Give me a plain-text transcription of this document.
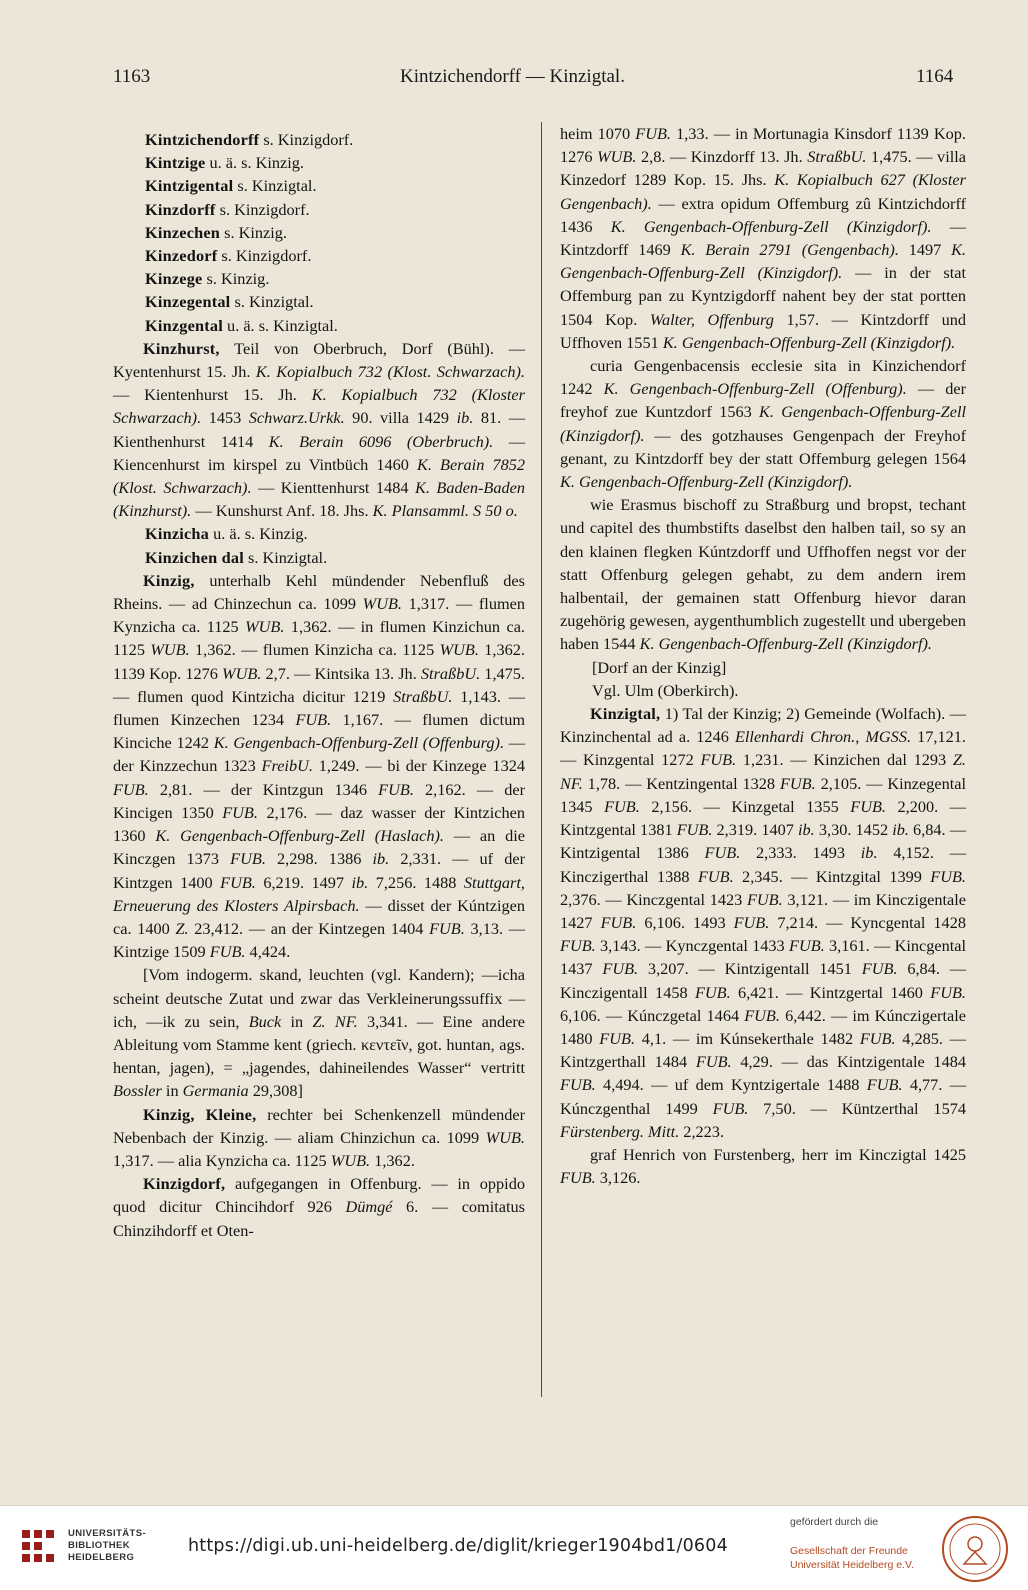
1163	Kintzichendorff — Kinzigtal.	1164

Kintzichendorff s. Kinzigdorf.

Kintzige u. ä. s. Kinzig.

Kintzigental s. Kinzigtal.

Kinzdorff s. Kinzigdorf.

Kinzechen s. Kinzig.

Kinzedorf s. Kinzigdorf.

Kinzege s. Kinzig.

Kinzegental s. Kinzigtal.

Kinzgental u. ä. s. Kinzigtal.

Kinzhurst, Teil von Oberbruch, Dorf (Bühl). — Kyentenhurst 15. Jh. K. Kopialbuch 732 (Klost. Schwarzach). — Kientenhurst 15. Jh. K. Kopialbuch 732 (Kloster Schwarzach). 1453 Schwarz.Urkk. 90. villa 1429 ib. 81. — Kienthenhurst 1414 K. Berain 6096 (Oberbruch). — Kiencenhurst im kirspel zu Vintbüch 1460 K. Berain 7852 (Klost. Schwarzach). — Kienttenhurst 1484 K. Baden-Baden (Kinzhurst). — Kunshurst Anf. 18. Jhs. K. Plansamml. S 50 o.

Kinzicha u. ä. s. Kinzig.

Kinzichen dal s. Kinzigtal.

Kinzig, unterhalb Kehl mündender Nebenfluß des Rheins. — ad Chinzechun ca. 1099 WUB. 1,317. — flumen Kynzicha ca. 1125 WUB. 1,362. — in flumen Kinzichun ca. 1125 WUB. 1,362. — flumen Kinzicha ca. 1125 WUB. 1,362. 1139 Kop. 1276 WUB. 2,7. — Kintsika 13. Jh. StraßbU. 1,475. — flumen quod Kintzicha dicitur 1219 StraßbU. 1,143. — flumen Kinzechen 1234 FUB. 1,167. — flumen dictum Kinciche 1242 K. Gengenbach-Offenburg-Zell (Offenburg). — der Kinzzechun 1323 FreibU. 1,249. — bi der Kinzege 1324 FUB. 2,81. — der Kintzgun 1346 FUB. 2,162. — der Kincigen 1350 FUB. 2,176. — daz wasser der Kintzichen 1360 K. Gengenbach-Offenburg-Zell (Haslach). — an die Kinczgen 1373 FUB. 2,298. 1386 ib. 2,331. — uf der Kintzgen 1400 FUB. 6,219. 1497 ib. 7,256. 1488 Stuttgart, Erneuerung des Klosters Alpirsbach. — disset der Kúntzigen ca. 1400 Z. 23,412. — an der Kintzegen 1404 FUB. 3,13. — Kintzige 1509 FUB. 4,424.

[Vom indogerm. skand, leuchten (vgl. Kandern); —icha scheint deutsche Zutat und zwar das Verkleinerungssuffix —ich, —ik zu sein, Buck in Z. NF. 3,341. — Eine andere Ableitung vom Stamme kent (griech. κεντεῖν, got. huntan, ags. hentan, jagen), = „jagendes, dahineilendes Wasser“ vertritt Bossler in Germania 29,308]

Kinzig, Kleine, rechter bei Schenkenzell mündender Nebenbach der Kinzig. — aliam Chinzichun ca. 1099 WUB. 1,317. — alia Kynzicha ca. 1125 WUB. 1,362.

Kinzigdorf, aufgegangen in Offenburg. — in oppido quod dicitur Chincihdorf 926 Dümgé 6. — comitatus Chinzihdorff et Oten-

heim 1070 FUB. 1,33. — in Mortunagia Kinsdorf 1139 Kop. 1276 WUB. 2,8. — Kinzdorff 13. Jh. StraßbU. 1,475. — villa Kinzedorf 1289 Kop. 15. Jhs. K. Kopialbuch 627 (Kloster Gengenbach). — extra opidum Offemburg zû Kintzichdorff 1436 K. Gengenbach-Offenburg-Zell (Kinzigdorf). — Kintzdorff 1469 K. Berain 2791 (Gengenbach). 1497 K. Gengenbach-Offenburg-Zell (Kinzigdorf). — in der stat Offemburg pan zu Kyntzigdorff nahent bey der stat portten 1504 Kop. Walter, Offenburg 1,57. — Kintzdorff und Uffhoven 1551 K. Gengenbach-Offenburg-Zell (Kinzigdorf).

curia Gengenbacensis ecclesie sita in Kinzichendorf 1242 K. Gengenbach-Offenburg-Zell (Offenburg). — der freyhof zue Kuntzdorf 1563 K. Gengenbach-Offenburg-Zell (Kinzigdorf). — des gotzhauses Gengenpach der Freyhof genant, zu Kintzdorff bey der statt Offemburg gelegen 1564 K. Gengenbach-Offenburg-Zell (Kinzigdorf).

wie Erasmus bischoff zu Straßburg und bropst, techant und capitel des thumbstifts daselbst den halben tail, so sy an den klainen flegken Kúntzdorff und Uffhoffen negst vor der statt Offenburg gelegen gehabt, zu dem andern irem halbentail, der gemainen statt Offenburg hievor daran zugehörig gewesen, aygenthumblich zugestellt und ubergeben haben 1544 K. Gengenbach-Offenburg-Zell (Kinzigdorf).

[Dorf an der Kinzig]

Vgl. Ulm (Oberkirch).

Kinzigtal, 1) Tal der Kinzig; 2) Gemeinde (Wolfach). — Kinzinchental ad a. 1246 Ellenhardi Chron., MGSS. 17,121. — Kinzgental 1272 FUB. 1,231. — Kinzichen dal 1293 Z. NF. 1,78. — Kentzingental 1328 FUB. 2,105. — Kinzegental 1345 FUB. 2,156. — Kinzgetal 1355 FUB. 2,200. — Kintzgental 1381 FUB. 2,319. 1407 ib. 3,30. 1452 ib. 6,84. — Kintzigental 1386 FUB. 2,333. 1493 ib. 4,152. — Kinczigerthal 1388 FUB. 2,345. — Kintzgital 1399 FUB. 2,376. — Kinczgental 1423 FUB. 3,121. — im Kinczigentale 1427 FUB. 6,106. 1493 FUB. 7,214. — Kyncgental 1428 FUB. 3,143. — Kynczgental 1433 FUB. 3,161. — Kincgental 1437 FUB. 3,207. — Kintzigentall 1451 FUB. 6,84. — Kinczigentall 1458 FUB. 6,421. — Kintzgertal 1460 FUB. 6,106. — Kúnczgetal 1464 FUB. 6,442. — im Kúnczigertale 1480 FUB. 4,1. — im Kúnsekerthale 1482 FUB. 4,285. — Kintzgerthall 1484 FUB. 4,29. — das Kintzigentale 1484 FUB. 4,494. — uf dem Kyntzigertale 1488 FUB. 4,77. — Kúnczgenthal 1499 FUB. 7,50. — Küntzerthal 1574 Fürstenberg. Mitt. 2,223.

graf Henrich von Furstenberg, herr im Kinczigtal 1425 FUB. 3,126.

UNIVERSITÄTS-
BIBLIOTHEK
HEIDELBERG
https://digi.ub.uni-heidelberg.de/diglit/krieger1904bd1/0604
gefördert durch die
Gesellschaft der Freunde
Universität Heidelberg e.V.
